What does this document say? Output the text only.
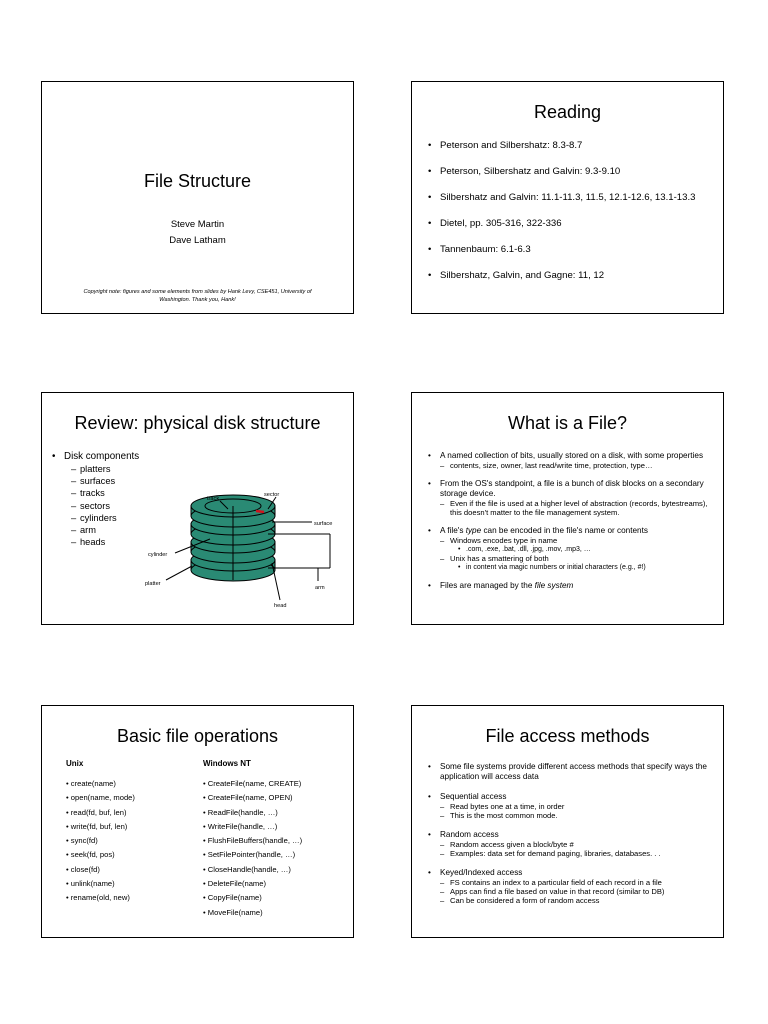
File Structure
Steve Martin
Dave Latham
Copyright note: figures and some elements from slides by Hank Levy, CSE451, University of
Washington. Thank you, Hank!
Reading
• Peterson and Silbershatz: 8.3-8.7
• Peterson, Silbershatz and Galvin: 9.3-9.10
• Silbershatz and Galvin: 11.1-11.3, 11.5, 12.1-12.6, 13.1-13.3
• Dietel, pp. 305-316, 322-336
• Tannenbaum: 6.1-6.3
• Silbershatz, Galvin, and Gagne: 11, 12
Review: physical disk structure
• Disk components
– platters
– surfaces
– tracks
– sectors
– cylinders
– arm
– heads
track
sector
surface
cylinder
platter
arm
head
What is a File?
• A named collection of bits, usually stored on a disk, with some properties
– contents, size, owner, last read/write time, protection, type…
• From the OS's standpoint, a file is a bunch of disk blocks on a secondary storage device.
– Even if the file is used at a higher level of abstraction (records, bytestreams), this doesn't matter to the file management system.
• A file's type can be encoded in the file's name or contents
– Windows encodes type in name
• .com, .exe, .bat, .dll, .jpg, .mov, .mp3, …
– Unix has a smattering of both
• in content via magic numbers or initial characters (e.g., #!)
• Files are managed by the file system
Basic file operations
Unix
• create(name)
• open(name, mode)
• read(fd, buf, len)
• write(fd, buf, len)
• sync(fd)
• seek(fd, pos)
• close(fd)
• unlink(name)
• rename(old, new)
Windows NT
• CreateFile(name, CREATE)
• CreateFile(name, OPEN)
• ReadFile(handle, …)
• WriteFile(handle, …)
• FlushFileBuffers(handle, …)
• SetFilePointer(handle, …)
• CloseHandle(handle, …)
• DeleteFile(name)
• CopyFile(name)
• MoveFile(name)
File access methods
• Some file systems provide different access methods that specify ways the application will access data
• Sequential access
– Read bytes one at a time, in order
– This is the most common mode.
• Random access
– Random access given a block/byte #
– Examples: data set for demand paging, libraries, databases. . .
• Keyed/Indexed access
– FS contains an index to a particular field of each record in a file
– Apps can find a file based on value in that record (similar to DB)
– Can be considered a form of random access
